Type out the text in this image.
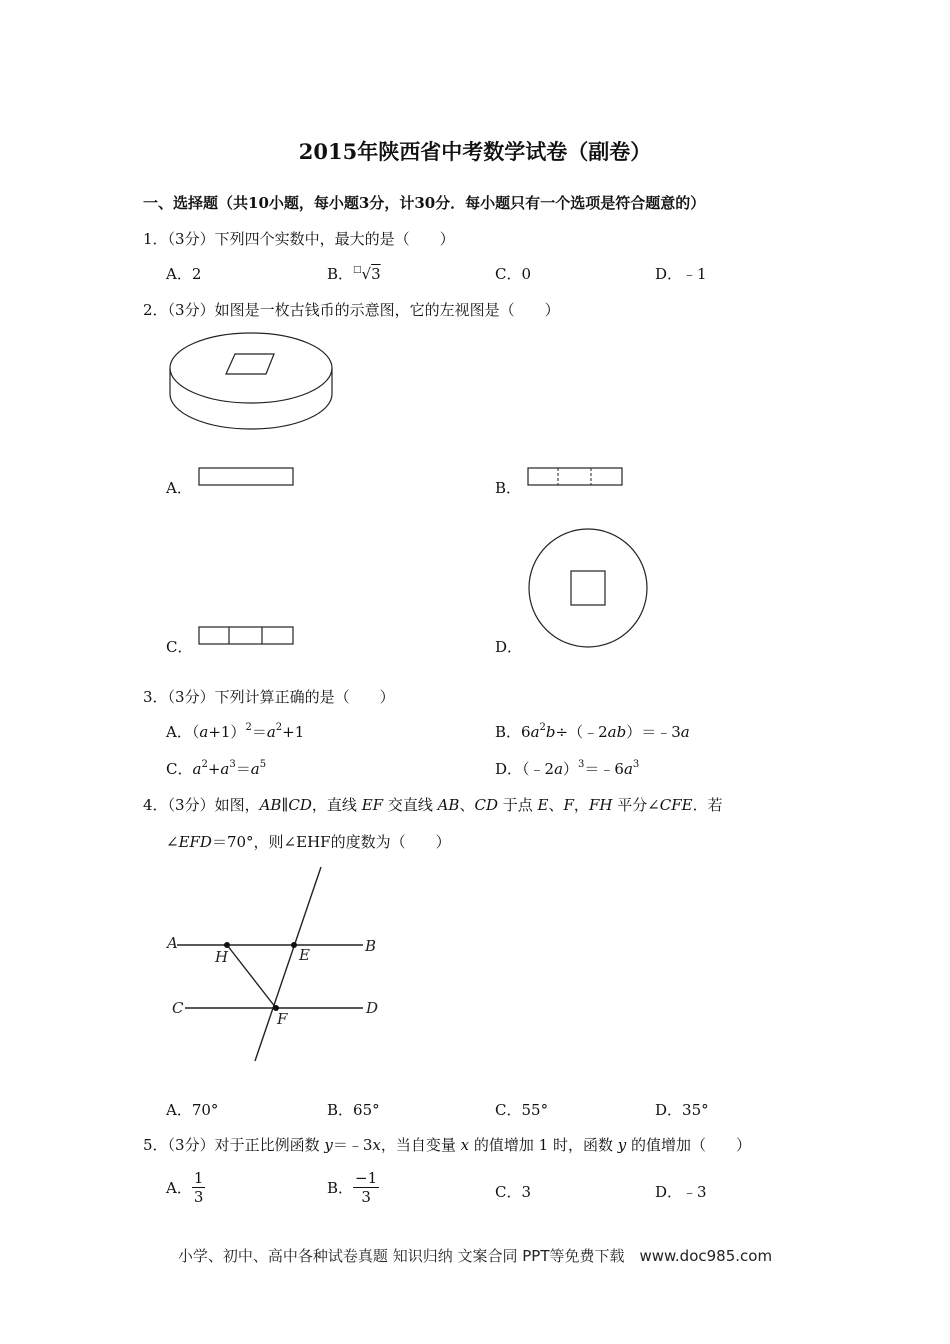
2015年陕西省中考数学试卷（副卷）
一、选择题（共10小题，每小题3分，计30分．每小题只有一个选项是符合题意的）
1．（3分）下列四个实数中，最大的是（　　）
A．2	B．□√3	C．0	D．﹣1
2．（3分）如图是一枚古钱币的示意图，它的左视图是（　　）
A．	B．
C．	D．
3．（3分）下列计算正确的是（　　）
A．$(a+1)^2=a^2+1$	B．$6a^2b\div(﹣2ab)=﹣3a$
C．$a^2+a^3=a^5$	D．$(﹣2a)^3=﹣6a^3$
4．（3分）如图，AB∥CD，直线 EF 交直线 AB、CD 于点 E、F，FH 平分∠CFE．若
∠EFD＝70°，则∠EHF的度数为（　　）
A	B
C	D
E
F
H
A．70°	B．65°	C．55°	D．35°
5．（3分）对于正比例函数 y＝﹣3x，当自变量 x 的值增加 1 时，函数 y 的值增加（　　）
A． $\frac{1}{3}$	B． $\frac{-1}{3}$	C．3	D．﹣3
小学、初中、高中各种试卷真题 知识归纳 文案合同 PPT等免费下载　www.doc985.com
